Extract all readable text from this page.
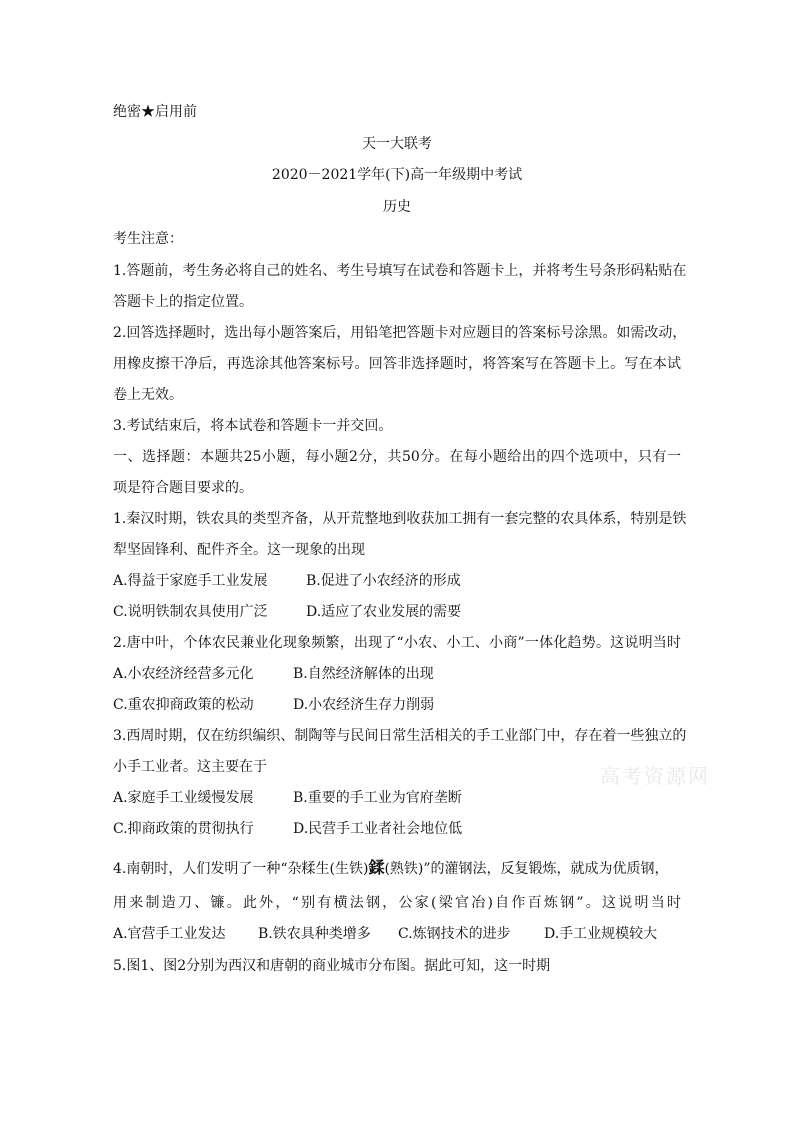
绝密★启用前
天一大联考
2020－2021学年(下)高一年级期中考试
历史
考生注意：
1.答题前，考生务必将自己的姓名、考生号填写在试卷和答题卡上，并将考生号条形码粘贴在
答题卡上的指定位置。
2.回答选择题时，选出每小题答案后，用铅笔把答题卡对应题目的答案标号涂黑。如需改动，
用橡皮擦干净后，再选涂其他答案标号。回答非选择题时，将答案写在答题卡上。写在本试
卷上无效。
3.考试结束后，将本试卷和答题卡一并交回。
一、选择题：本题共25小题，每小题2分，共50分。在每小题给出的四个选项中，只有一
项是符合题目要求的。
1.秦汉时期，铁农具的类型齐备，从开荒整地到收获加工拥有一套完整的农具体系，特别是铁
犁坚固锋利、配件齐全。这一现象的出现
A.得益于家庭手工业发展	B.促进了小农经济的形成
C.说明铁制农具使用广泛	D.适应了农业发展的需要
2.唐中叶，个体农民兼业化现象频繁，出现了“小农、小工、小商”一体化趋势。这说明当时
A.小农经济经营多元化	B.自然经济解体的出现
C.重农抑商政策的松动	D.小农经济生存力削弱
3.西周时期，仅在纺织编织、制陶等与民间日常生活相关的手工业部门中，存在着一些独立的
小手工业者。这主要在于
A.家庭手工业缓慢发展	B.重要的手工业为官府垄断
C.抑商政策的贯彻执行	D.民营手工业者社会地位低
4.南朝时，人们发明了一种“杂糅生(生铁)鍒(熟铁)”的灌钢法，反复锻炼，就成为优质钢，
用来制造刀、镰。此外，“别有横法钢，公家(梁官冶)自作百炼钢”。这说明当时
A.官营手工业发达 B.铁农具种类增多 C.炼钢技术的进步 D.手工业规模较大
5.图1、图2分别为西汉和唐朝的商业城市分布图。据此可知，这一时期
高考资源网
